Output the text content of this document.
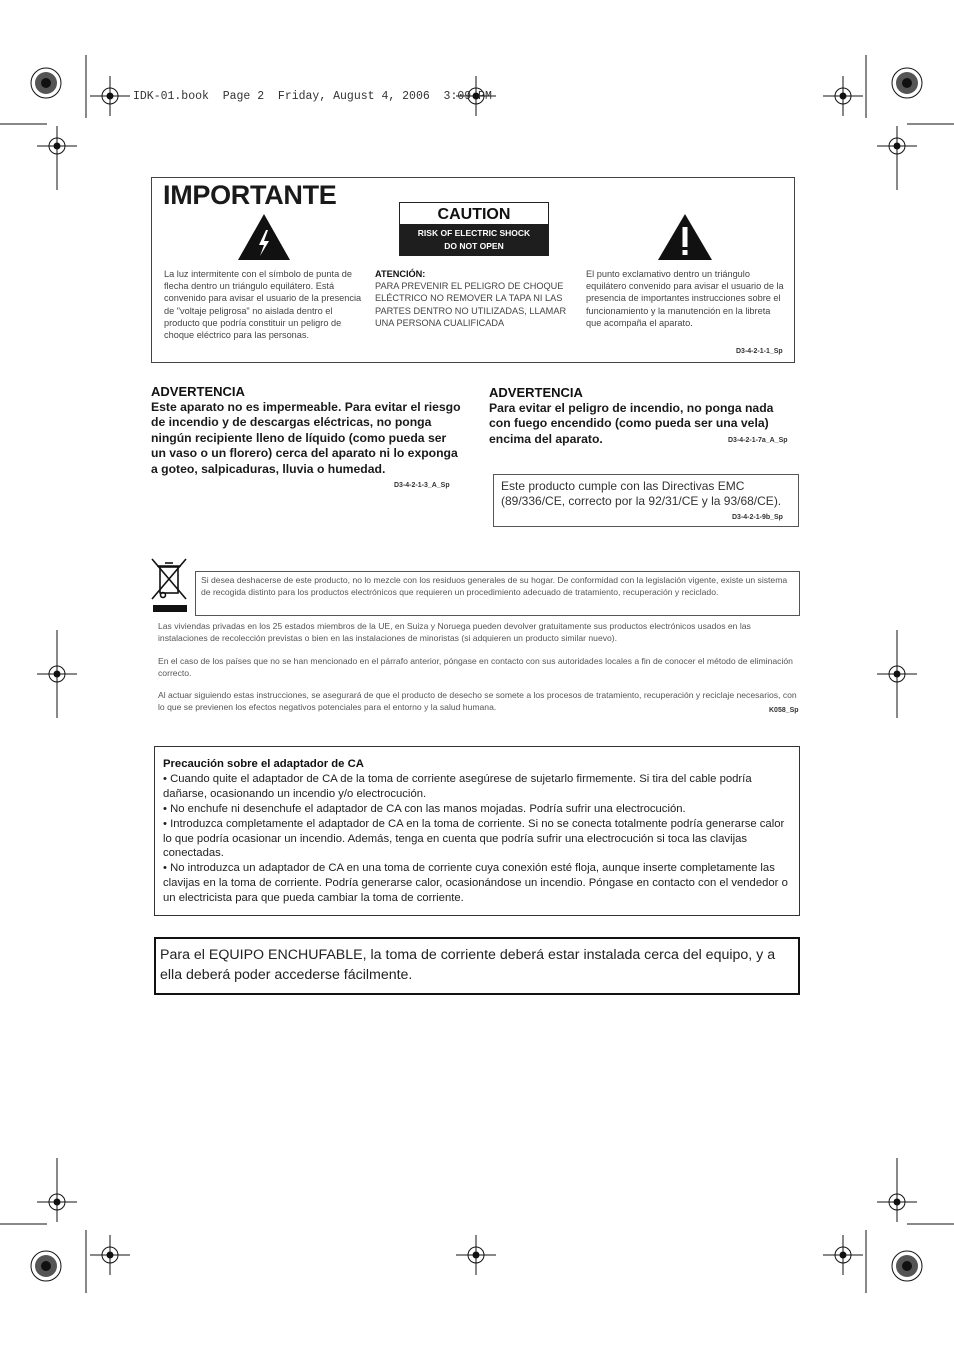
IDK-01.book  Page 2  Friday, August 4, 2006  3:09 PM
IMPORTANTE
CAUTION
RISK OF ELECTRIC SHOCK
DO NOT OPEN
La luz intermitente con el símbolo de punta de flecha dentro un triángulo equilátero. Está convenido para avisar el usuario de la presencia de "voltaje peligrosa" no aislada dentro el producto que podría constituir un peligro de choque eléctrico para las personas.
ATENCIÓN:
PARA PREVENIR EL PELIGRO DE CHOQUE ELÉCTRICO NO REMOVER LA TAPA NI LAS PARTES DENTRO NO UTILIZADAS, LLAMAR UNA PERSONA CUALIFICADA
El punto exclamativo dentro un triángulo equilátero convenido para avisar el usuario de la presencia de importantes instrucciones sobre el funcionamiento y la manutención en la libreta que acompaña el aparato.
D3-4-2-1-1_Sp
ADVERTENCIA
Este aparato no es impermeable. Para evitar el riesgo de incendio y de descargas eléctricas, no ponga ningún recipiente lleno de líquido (como pueda ser un vaso o un florero) cerca del aparato ni lo exponga a goteo, salpicaduras, lluvia o humedad.
D3-4-2-1-3_A_Sp
ADVERTENCIA
Para evitar el peligro de incendio, no ponga nada con fuego encendido (como pueda ser una vela) encima del aparato.	D3-4-2-1-7a_A_Sp
Este producto cumple con las Directivas EMC (89/336/CE, correcto por la 92/31/CE y la 93/68/CE).
D3-4-2-1-9b_Sp
Si desea deshacerse de este producto, no lo mezcle con los residuos generales de su hogar. De conformidad con la legislación vigente, existe un sistema de recogida distinto para los productos electrónicos que requieren un procedimiento adecuado de tratamiento, recuperación y reciclado.
Las viviendas privadas en los 25 estados miembros de la UE, en Suiza y Noruega pueden devolver gratuitamente sus productos electrónicos usados en las instalaciones de recolección previstas o bien en las instalaciones de minoristas (si adquieren un producto similar nuevo).
En el caso de los países que no se han mencionado en el párrafo anterior, póngase en contacto con sus autoridades locales a fin de conocer el método de eliminación correcto.
Al actuar siguiendo estas instrucciones, se asegurará de que el producto de desecho se somete a los procesos de tratamiento, recuperación y reciclaje necesarios, con lo que se previenen los efectos negativos potenciales para el entorno y la salud humana.	K058_Sp
Precaución sobre el adaptador de CA
• Cuando quite el adaptador de CA de la toma de corriente asegúrese de sujetarlo firmemente. Si tira del cable podría dañarse, ocasionando un incendio y/o electrocución.
• No enchufe ni desenchufe el adaptador de CA con las manos mojadas. Podría sufrir una electrocución.
• Introduzca completamente el adaptador de CA en la toma de corriente. Si no se conecta totalmente podría generarse calor lo que podría ocasionar un incendio. Además, tenga en cuenta que podría sufrir una electrocución si toca las clavijas conectadas.
• No introduzca un adaptador de CA en una toma de corriente cuya conexión esté floja, aunque inserte completamente las clavijas en la toma de corriente. Podría generarse calor, ocasionándose un incendio. Póngase en contacto con el vendedor o un electricista para que pueda cambiar la toma de corriente.
Para el EQUIPO ENCHUFABLE, la toma de corriente deberá estar instalada cerca del equipo, y a ella deberá poder accederse fácilmente.
